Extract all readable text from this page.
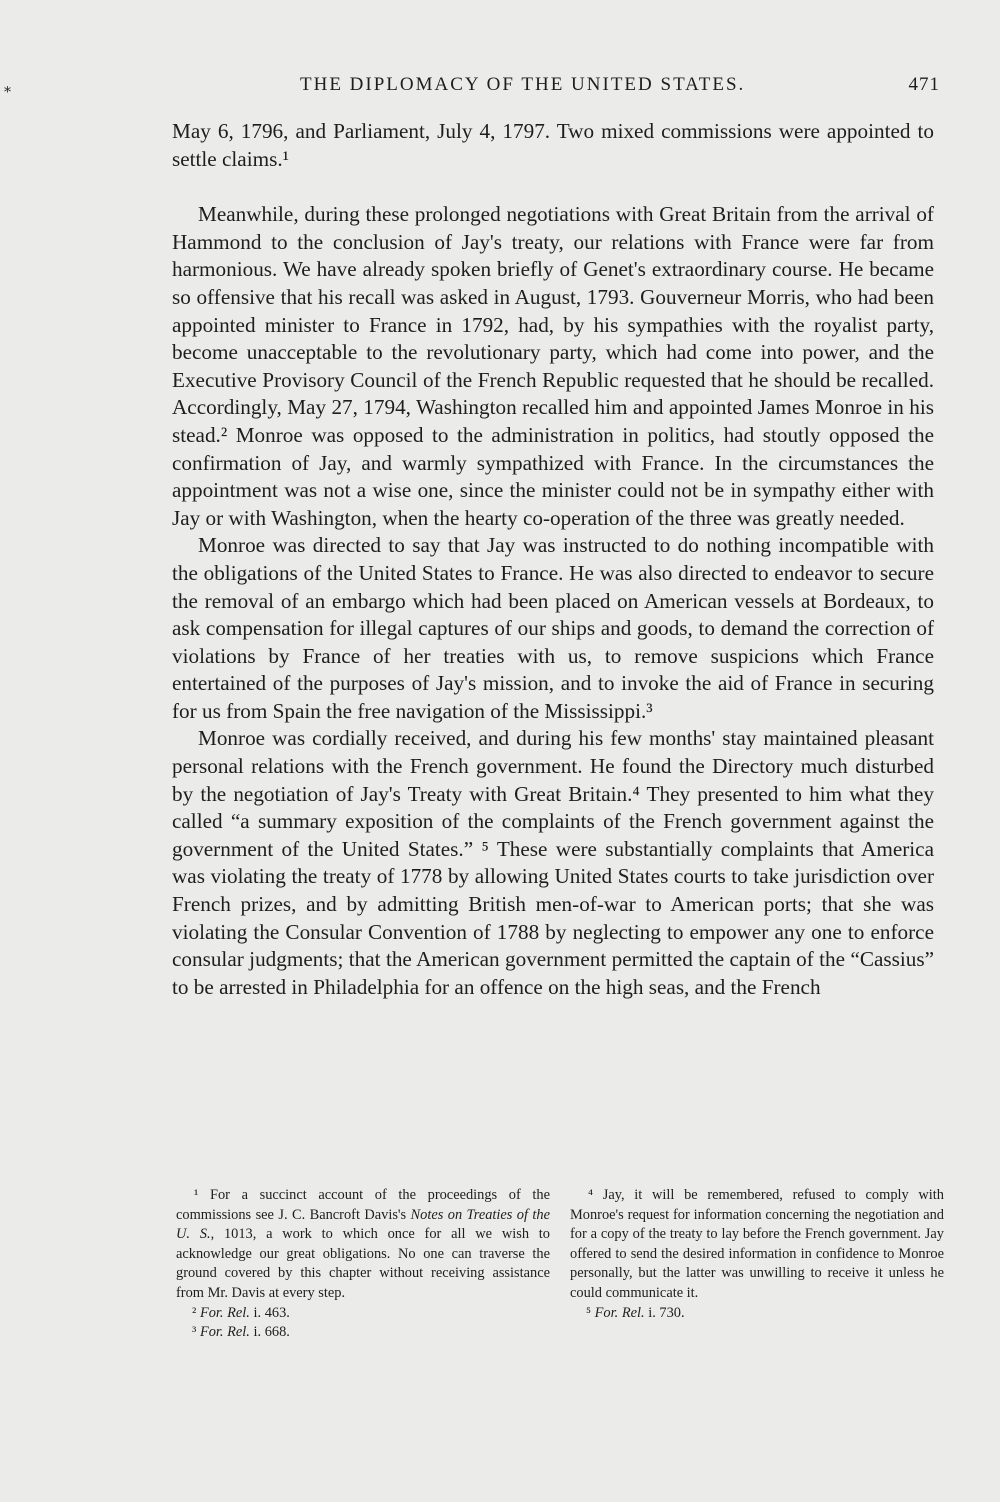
⁎	THE DIPLOMACY OF THE UNITED STATES.	471

May 6, 1796, and Parliament, July 4, 1797. Two mixed commissions were appointed to settle claims.¹

Meanwhile, during these prolonged negotiations with Great Britain from the arrival of Hammond to the conclusion of Jay's treaty, our relations with France were far from harmonious. We have already spoken briefly of Genet's extraordinary course. He became so offensive that his recall was asked in August, 1793. Gouverneur Morris, who had been appointed minister to France in 1792, had, by his sympathies with the royalist party, become unacceptable to the revolutionary party, which had come into power, and the Executive Provisory Council of the French Republic requested that he should be recalled. Accordingly, May 27, 1794, Washington recalled him and appointed James Monroe in his stead.² Monroe was opposed to the administration in politics, had stoutly opposed the confirmation of Jay, and warmly sympathized with France. In the circumstances the appointment was not a wise one, since the minister could not be in sympathy either with Jay or with Washington, when the hearty co-operation of the three was greatly needed.

Monroe was directed to say that Jay was instructed to do nothing incompatible with the obligations of the United States to France. He was also directed to endeavor to secure the removal of an embargo which had been placed on American vessels at Bordeaux, to ask compensation for illegal captures of our ships and goods, to demand the correction of violations by France of her treaties with us, to remove suspicions which France entertained of the purposes of Jay's mission, and to invoke the aid of France in securing for us from Spain the free navigation of the Mississippi.³

Monroe was cordially received, and during his few months' stay maintained pleasant personal relations with the French government. He found the Directory much disturbed by the negotiation of Jay's Treaty with Great Britain.⁴ They presented to him what they called “a summary exposition of the complaints of the French government against the government of the United States.” ⁵ These were substantially complaints that America was violating the treaty of 1778 by allowing United States courts to take jurisdiction over French prizes, and by admitting British men-of-war to American ports; that she was violating the Consular Convention of 1788 by neglecting to empower any one to enforce consular judgments; that the American government permitted the captain of the “Cassius” to be arrested in Philadelphia for an offence on the high seas, and the French

¹ For a succinct account of the proceedings of the commissions see J. C. Bancroft Davis's Notes on Treaties of the U. S., 1013, a work to which once for all we wish to acknowledge our great obligations. No one can traverse the ground covered by this chapter without receiving assistance from Mr. Davis at every step.

² For. Rel. i. 463.

³ For. Rel. i. 668.

⁴ Jay, it will be remembered, refused to comply with Monroe's request for information concerning the negotiation and for a copy of the treaty to lay before the French government. Jay offered to send the desired information in confidence to Monroe personally, but the latter was unwilling to receive it unless he could communicate it.

⁵ For. Rel. i. 730.
